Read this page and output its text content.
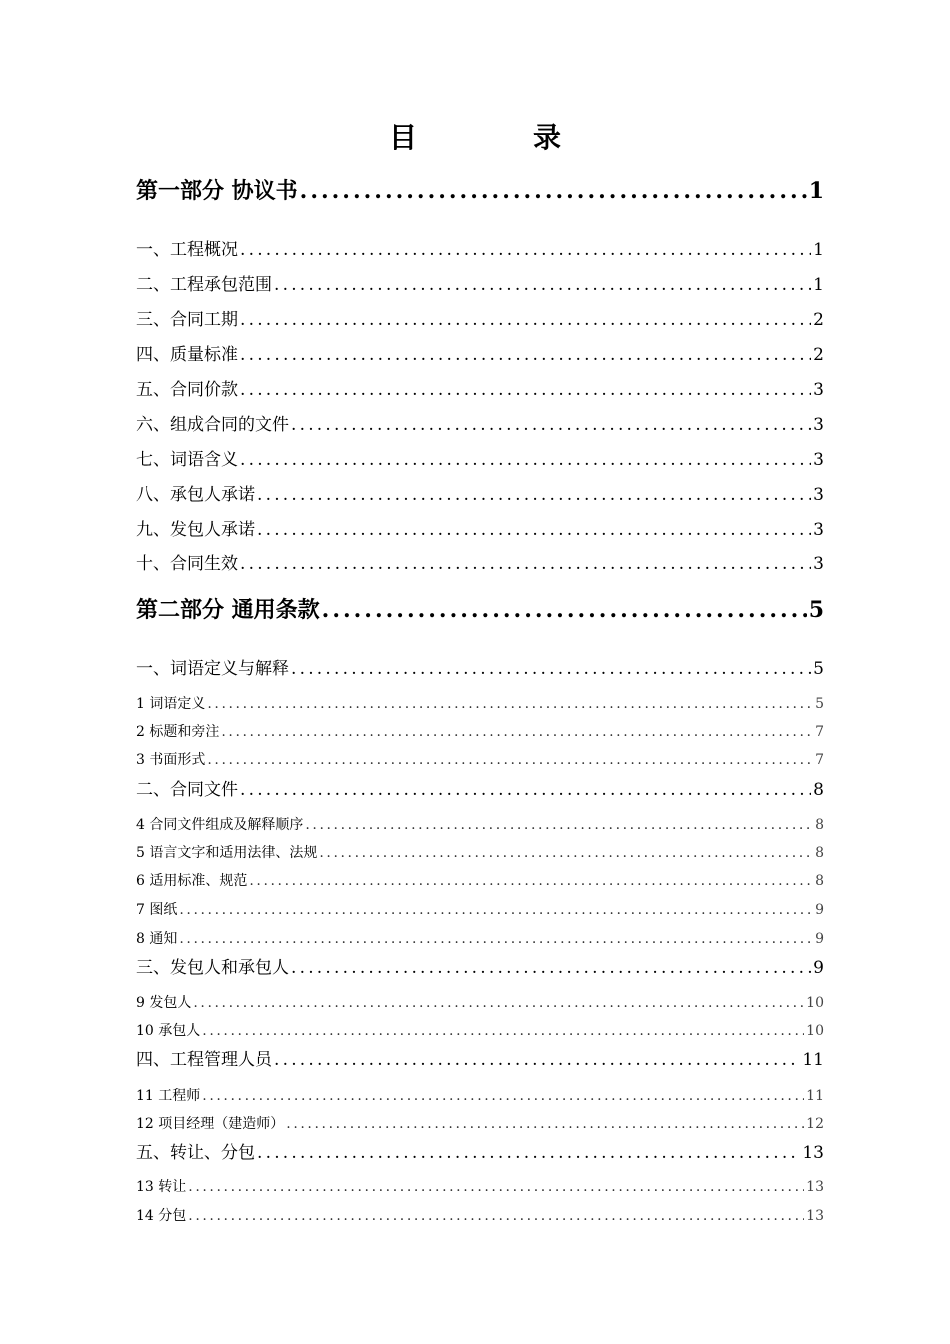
目　录
第一部分 协议书 .....	1
一、工程概况 .....	1
二、工程承包范围 .....	1
三、合同工期 .....	2
四、质量标准 .....	2
五、合同价款 .....	3
六、组成合同的文件 .....	3
七、词语含义 .....	3
八、承包人承诺 .....	3
九、发包人承诺 .....	3
十、合同生效 .....	3
第二部分 通用条款 .....	5
一、词语定义与解释 .....	5
1 词语定义 .....	5
2 标题和旁注 .....	7
3 书面形式 .....	7
二、合同文件 .....	8
4 合同文件组成及解释顺序 .....	8
5 语言文字和适用法律、法规 .....	8
6 适用标准、规范 .....	8
7 图纸 .....	9
8 通知 .....	9
三、发包人和承包人 .....	9
9 发包人 .....	10
10 承包人 .....	10
四、工程管理人员 .....	11
11 工程师 .....	11
12 项目经理（建造师） .....	12
五、转让、分包 .....	13
13 转让 .....	13
14 分包 .....	13
